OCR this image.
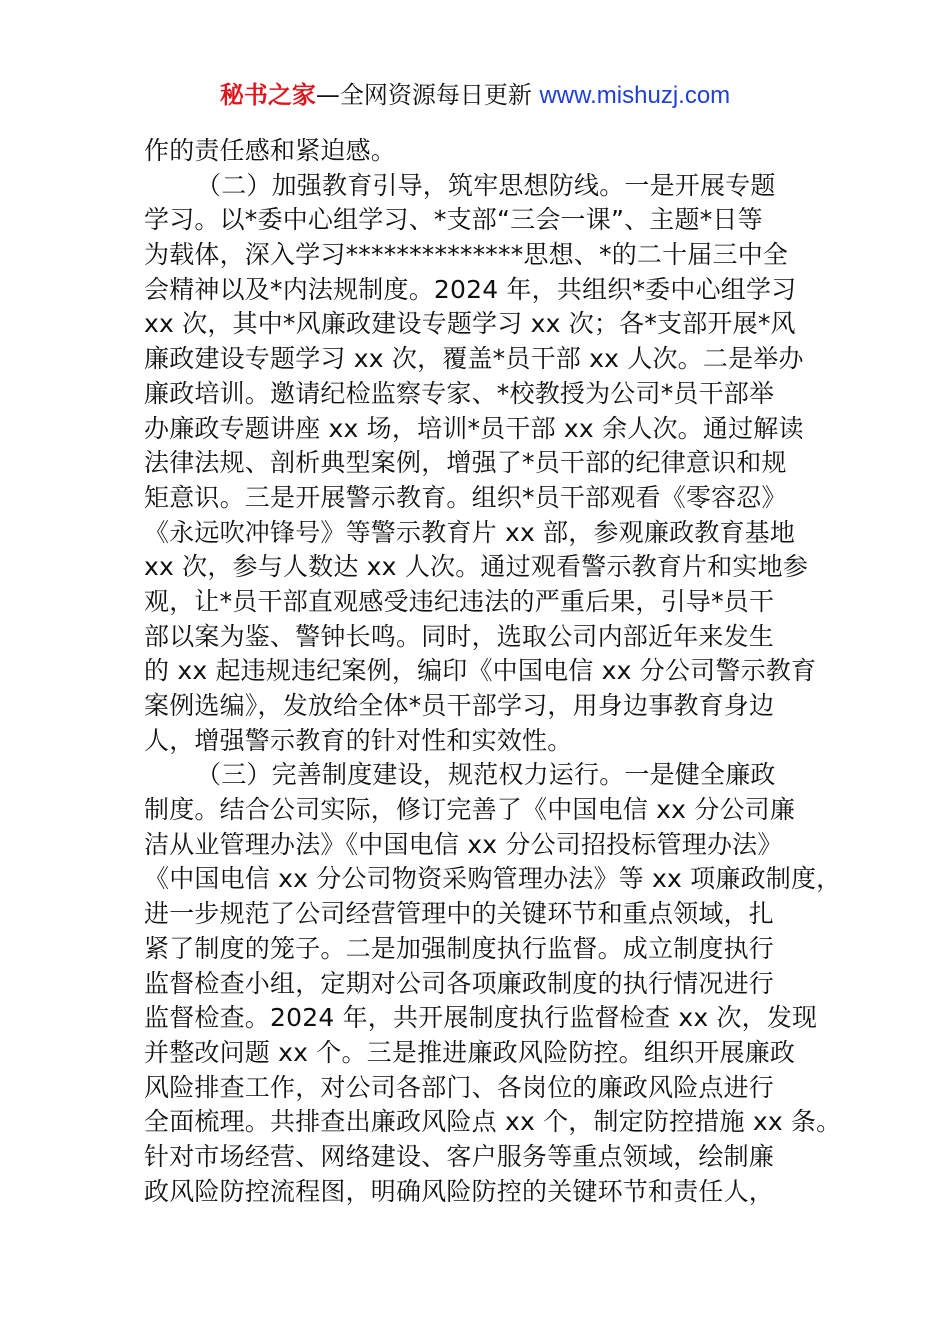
秘书之家—全网资源每日更新 www.mishuzj.com
作的责任感和紧迫感。
（二）加强教育引导，筑牢思想防线。一是开展专题
学习。以*委中心组学习、*支部“三会一课”、主题*日等
为载体，深入学习**************思想、*的二十届三中全
会精神以及*内法规制度。2024 年，共组织*委中心组学习
xx 次，其中*风廉政建设专题学习 xx 次；各*支部开展*风
廉政建设专题学习 xx 次，覆盖*员干部 xx 人次。二是举办
廉政培训。邀请纪检监察专家、*校教授为公司*员干部举
办廉政专题讲座 xx 场，培训*员干部 xx 余人次。通过解读
法律法规、剖析典型案例，增强了*员干部的纪律意识和规
矩意识。三是开展警示教育。组织*员干部观看《零容忍》
《永远吹冲锋号》等警示教育片 xx 部，参观廉政教育基地
xx 次，参与人数达 xx 人次。通过观看警示教育片和实地参
观，让*员干部直观感受违纪违法的严重后果，引导*员干
部以案为鉴、警钟长鸣。同时，选取公司内部近年来发生
的 xx 起违规违纪案例，编印《中国电信 xx 分公司警示教育
案例选编》，发放给全体*员干部学习，用身边事教育身边
人，增强警示教育的针对性和实效性。
（三）完善制度建设，规范权力运行。一是健全廉政
制度。结合公司实际，修订完善了《中国电信 xx 分公司廉
洁从业管理办法》《中国电信 xx 分公司招投标管理办法》
《中国电信 xx 分公司物资采购管理办法》等 xx 项廉政制度，
进一步规范了公司经营管理中的关键环节和重点领域，扎
紧了制度的笼子。二是加强制度执行监督。成立制度执行
监督检查小组，定期对公司各项廉政制度的执行情况进行
监督检查。2024 年，共开展制度执行监督检查 xx 次，发现
并整改问题 xx 个。三是推进廉政风险防控。组织开展廉政
风险排查工作，对公司各部门、各岗位的廉政风险点进行
全面梳理。共排查出廉政风险点 xx 个，制定防控措施 xx 条。
针对市场经营、网络建设、客户服务等重点领域，绘制廉
政风险防控流程图，明确风险防控的关键环节和责任人，
